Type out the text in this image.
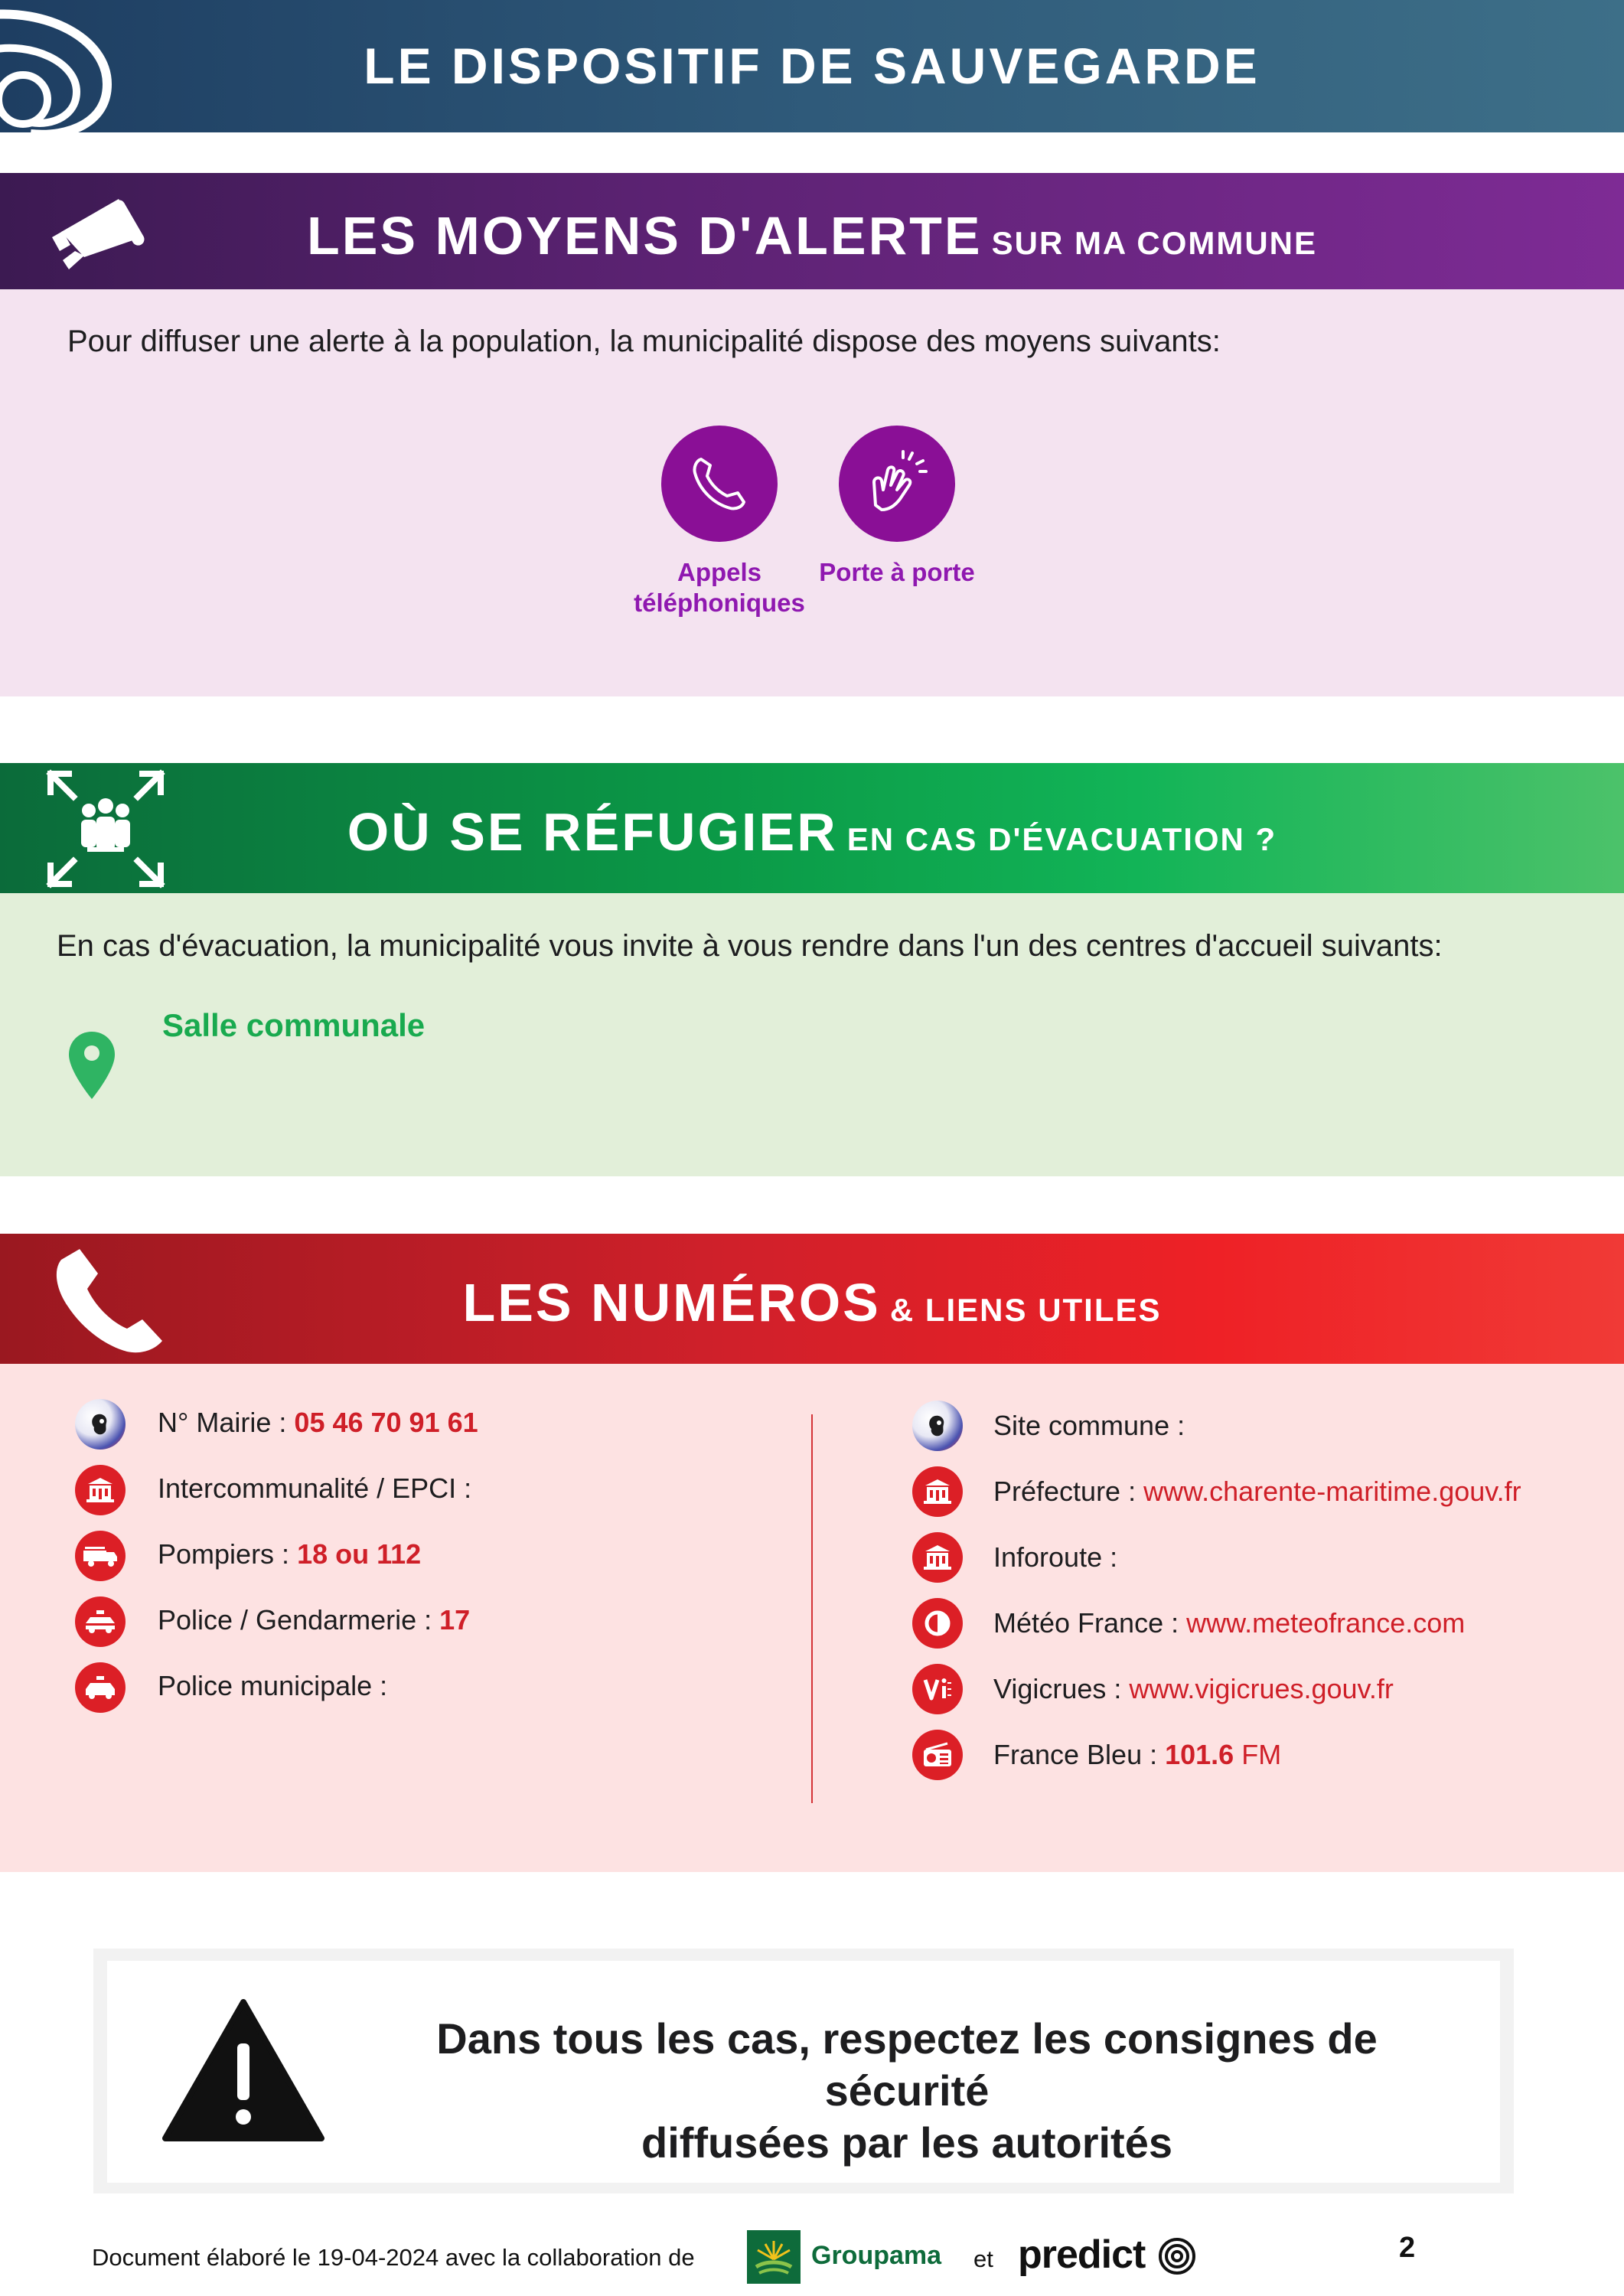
LE DISPOSITIF DE SAUVEGARDE
LES MOYENS D'ALERTE SUR MA COMMUNE
Pour diffuser une alerte à la population, la municipalité dispose des moyens suivants:
Appels
téléphoniques
Porte à porte
OÙ SE RÉFUGIER EN CAS D'ÉVACUATION ?
En cas d'évacuation, la municipalité vous invite à vous rendre dans l'un des centres d'accueil suivants:
Salle communale
LES NUMÉROS & LIENS UTILES
N° Mairie : 05 46 70 91 61
Intercommunalité / EPCI :
Pompiers : 18 ou 112
Police / Gendarmerie : 17
Police municipale :
Site commune :
Préfecture : www.charente-maritime.gouv.fr
Inforoute :
Météo France : www.meteofrance.com
Vigicrues : www.vigicrues.gouv.fr
France Bleu : 101.6 FM
Dans tous les cas, respectez les consignes de sécurité
diffusées par les autorités
Document élaboré le 19-04-2024 avec la collaboration de	Groupama et predict	2
